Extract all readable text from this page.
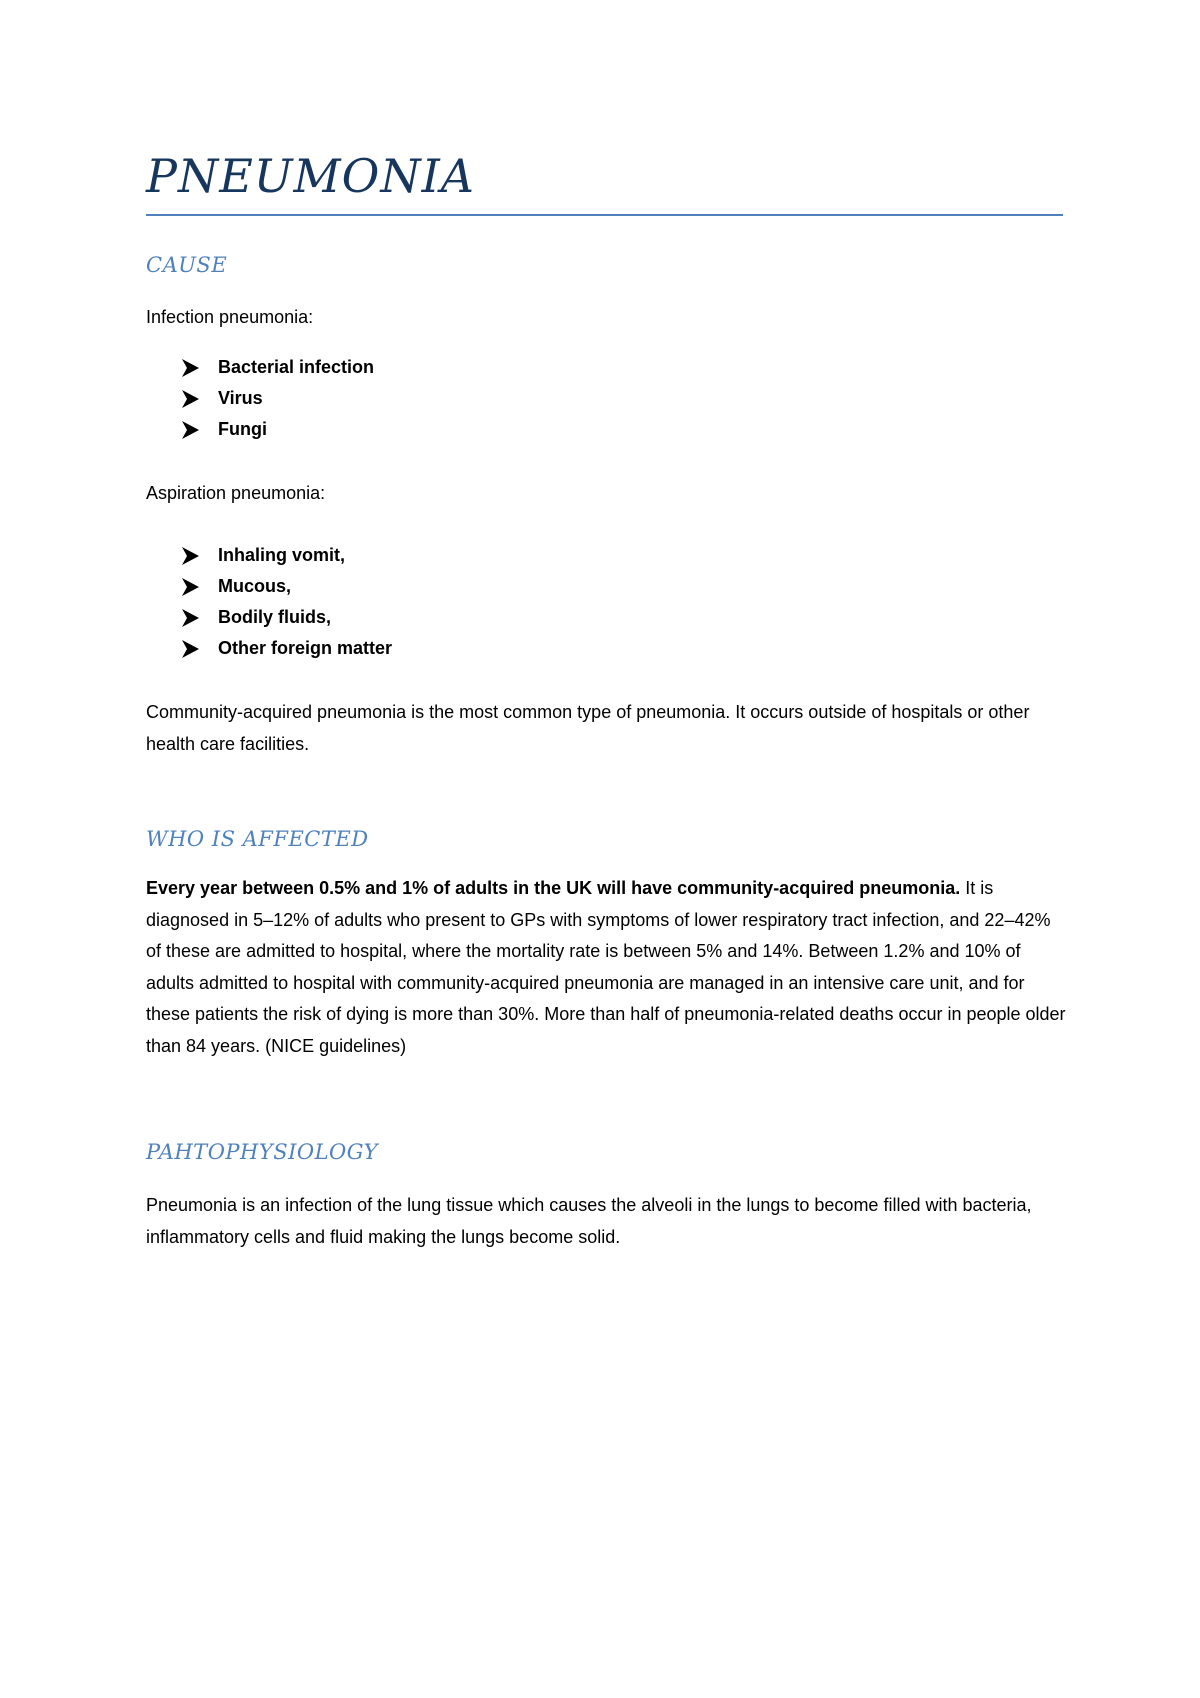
PNEUMONIA
CAUSE

Infection pneumonia:

Bacterial infection
Virus
Fungi

Aspiration pneumonia:

Inhaling vomit,
Mucous,
Bodily fluids,
Other foreign matter

Community-acquired pneumonia is the most common type of pneumonia. It occurs outside of hospitals or other health care facilities.

WHO IS AFFECTED

Every year between 0.5% and 1% of adults in the UK will have community-acquired pneumonia. It is diagnosed in 5–12% of adults who present to GPs with symptoms of lower respiratory tract infection, and 22–42% of these are admitted to hospital, where the mortality rate is between 5% and 14%. Between 1.2% and 10% of adults admitted to hospital with community-acquired pneumonia are managed in an intensive care unit, and for these patients the risk of dying is more than 30%. More than half of pneumonia-related deaths occur in people older than 84 years. (NICE guidelines)

PAHTOPHYSIOLOGY

Pneumonia is an infection of the lung tissue which causes the alveoli in the lungs to become filled with bacteria, inflammatory cells and fluid making the lungs become solid.
